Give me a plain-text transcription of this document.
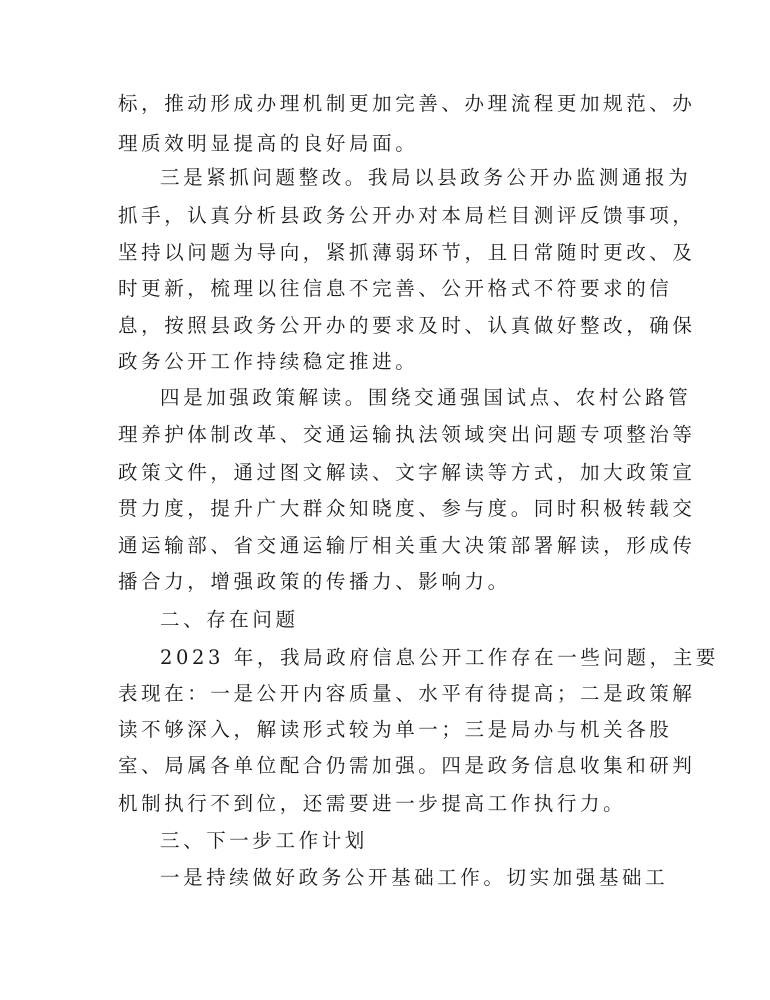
标，推动形成办理机制更加完善、办理流程更加规范、办
理质效明显提高的良好局面。
三是紧抓问题整改。我局以县政务公开办监测通报为
抓手，认真分析县政务公开办对本局栏目测评反馈事项，
坚持以问题为导向，紧抓薄弱环节，且日常随时更改、及
时更新，梳理以往信息不完善、公开格式不符要求的信
息，按照县政务公开办的要求及时、认真做好整改，确保
政务公开工作持续稳定推进。
四是加强政策解读。围绕交通强国试点、农村公路管
理养护体制改革、交通运输执法领域突出问题专项整治等
政策文件，通过图文解读、文字解读等方式，加大政策宣
贯力度，提升广大群众知晓度、参与度。同时积极转载交
通运输部、省交通运输厅相关重大决策部署解读，形成传
播合力，增强政策的传播力、影响力。
二、存在问题
2023 年，我局政府信息公开工作存在一些问题，主要
表现在：一是公开内容质量、水平有待提高；二是政策解
读不够深入，解读形式较为单一；三是局办与机关各股
室、局属各单位配合仍需加强。四是政务信息收集和研判
机制执行不到位，还需要进一步提高工作执行力。
三、下一步工作计划
一是持续做好政务公开基础工作。切实加强基础工
